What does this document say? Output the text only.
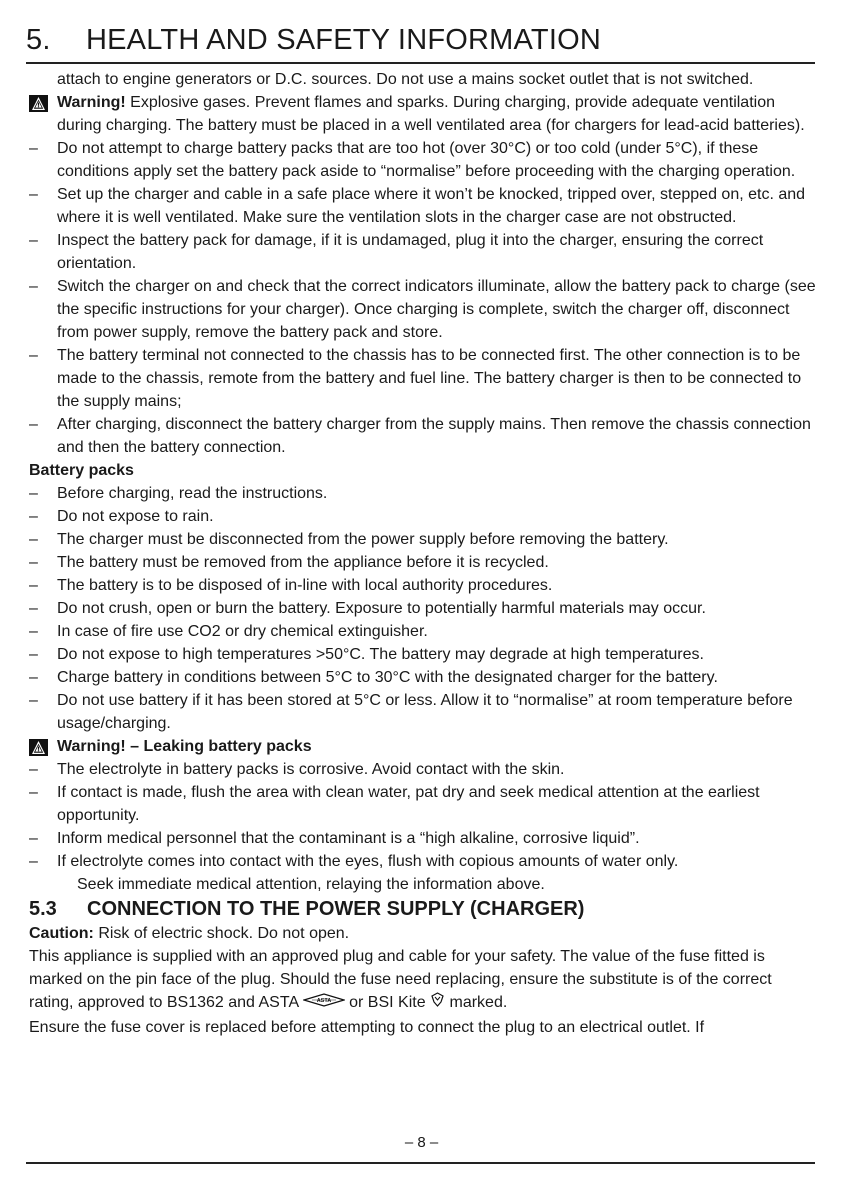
5. HEALTH AND SAFETY INFORMATION

attach to engine generators or D.C. sources. Do not use a mains socket outlet that is not switched.

Warning! Explosive gases. Prevent flames and sparks. During charging, provide adequate ventilation during charging. The battery must be placed in a well ventilated area (for chargers for lead-acid batteries).

– Do not attempt to charge battery packs that are too hot (over 30°C) or too cold (under 5°C), if these conditions apply set the battery pack aside to “normalise” before proceeding with the charging operation.

– Set up the charger and cable in a safe place where it won’t be knocked, tripped over, stepped on, etc. and where it is well ventilated. Make sure the ventilation slots in the charger case are not obstructed.

– Inspect the battery pack for damage, if it is undamaged, plug it into the charger, ensuring the correct orientation.

– Switch the charger on and check that the correct indicators illuminate, allow the battery pack to charge (see the specific instructions for your charger). Once charging is complete, switch the charger off, disconnect from power supply, remove the battery pack and store.

– The battery terminal not connected to the chassis has to be connected first. The other connection is to be made to the chassis, remote from the battery and fuel line. The battery charger is then to be connected to the supply mains;

– After charging, disconnect the battery charger from the supply mains. Then remove the chassis connection and then the battery connection.

Battery packs

– Before charging, read the instructions.

– Do not expose to rain.

– The charger must be disconnected from the power supply before removing the battery.

– The battery must be removed from the appliance before it is recycled.

– The battery is to be disposed of in-line with local authority procedures.

– Do not crush, open or burn the battery. Exposure to potentially harmful materials may occur.

– In case of fire use CO2 or dry chemical extinguisher.

– Do not expose to high temperatures >50°C. The battery may degrade at high temperatures.

– Charge battery in conditions between 5°C to 30°C with the designated charger for the battery.

– Do not use battery if it has been stored at 5°C or less. Allow it to “normalise” at room temperature before usage/charging.

Warning! – Leaking battery packs

– The electrolyte in battery packs is corrosive. Avoid contact with the skin.

– If contact is made, flush the area with clean water, pat dry and seek medical attention at the earliest opportunity.

– Inform medical personnel that the contaminant is a “high alkaline, corrosive liquid”.

– If electrolyte comes into contact with the eyes, flush with copious amounts of water only.

Seek immediate medical attention, relaying the information above.

5.3 CONNECTION TO THE POWER SUPPLY (CHARGER)

Caution: Risk of electric shock. Do not open.

This appliance is supplied with an approved plug and cable for your safety. The value of the fuse fitted is marked on the pin face of the plug. Should the fuse need replacing, ensure the substitute is of the correct rating, approved to BS1362 and ASTA ASTA or BSI Kite  marked.

Ensure the fuse cover is replaced before attempting to connect the plug to an electrical outlet. If

– 8 –
